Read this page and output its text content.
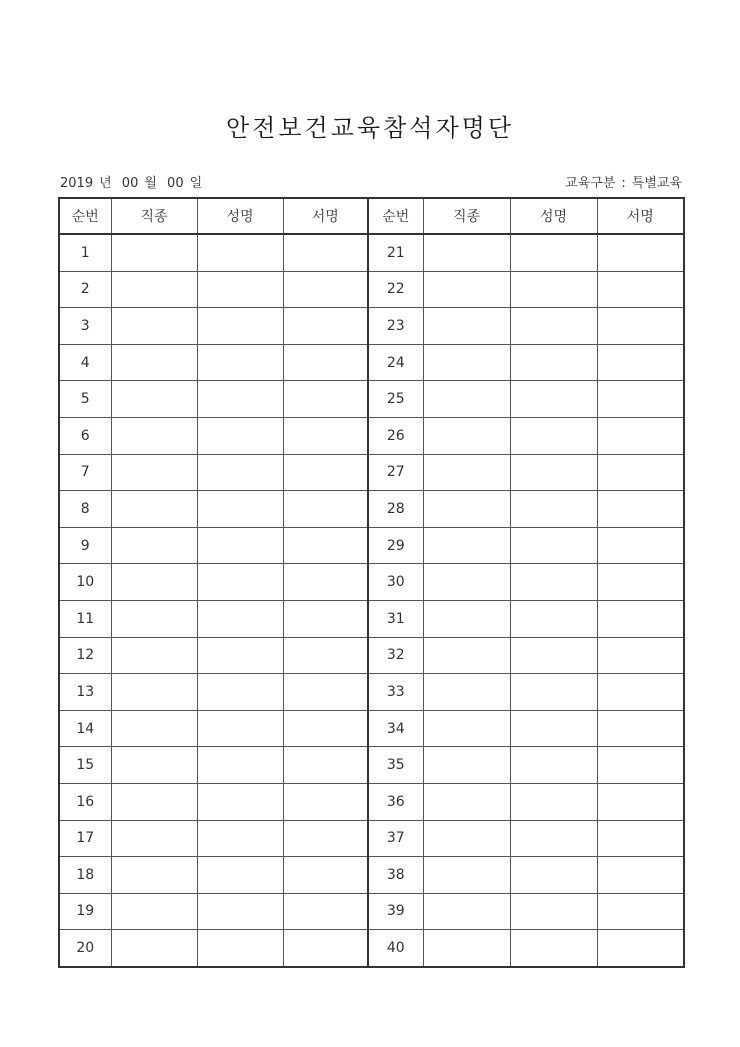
안전보건교육참석자명단
2019 년 00 월 00 일	교육구분 : 특별교육
순번	직종	성명	서명	순번	직종	성명	서명
1				21			
2				22			
3				23			
4				24			
5				25			
6				26			
7				27			
8				28			
9				29			
10				30			
11				31			
12				32			
13				33			
14				34			
15				35			
16				36			
17				37			
18				38			
19				39			
20				40			
